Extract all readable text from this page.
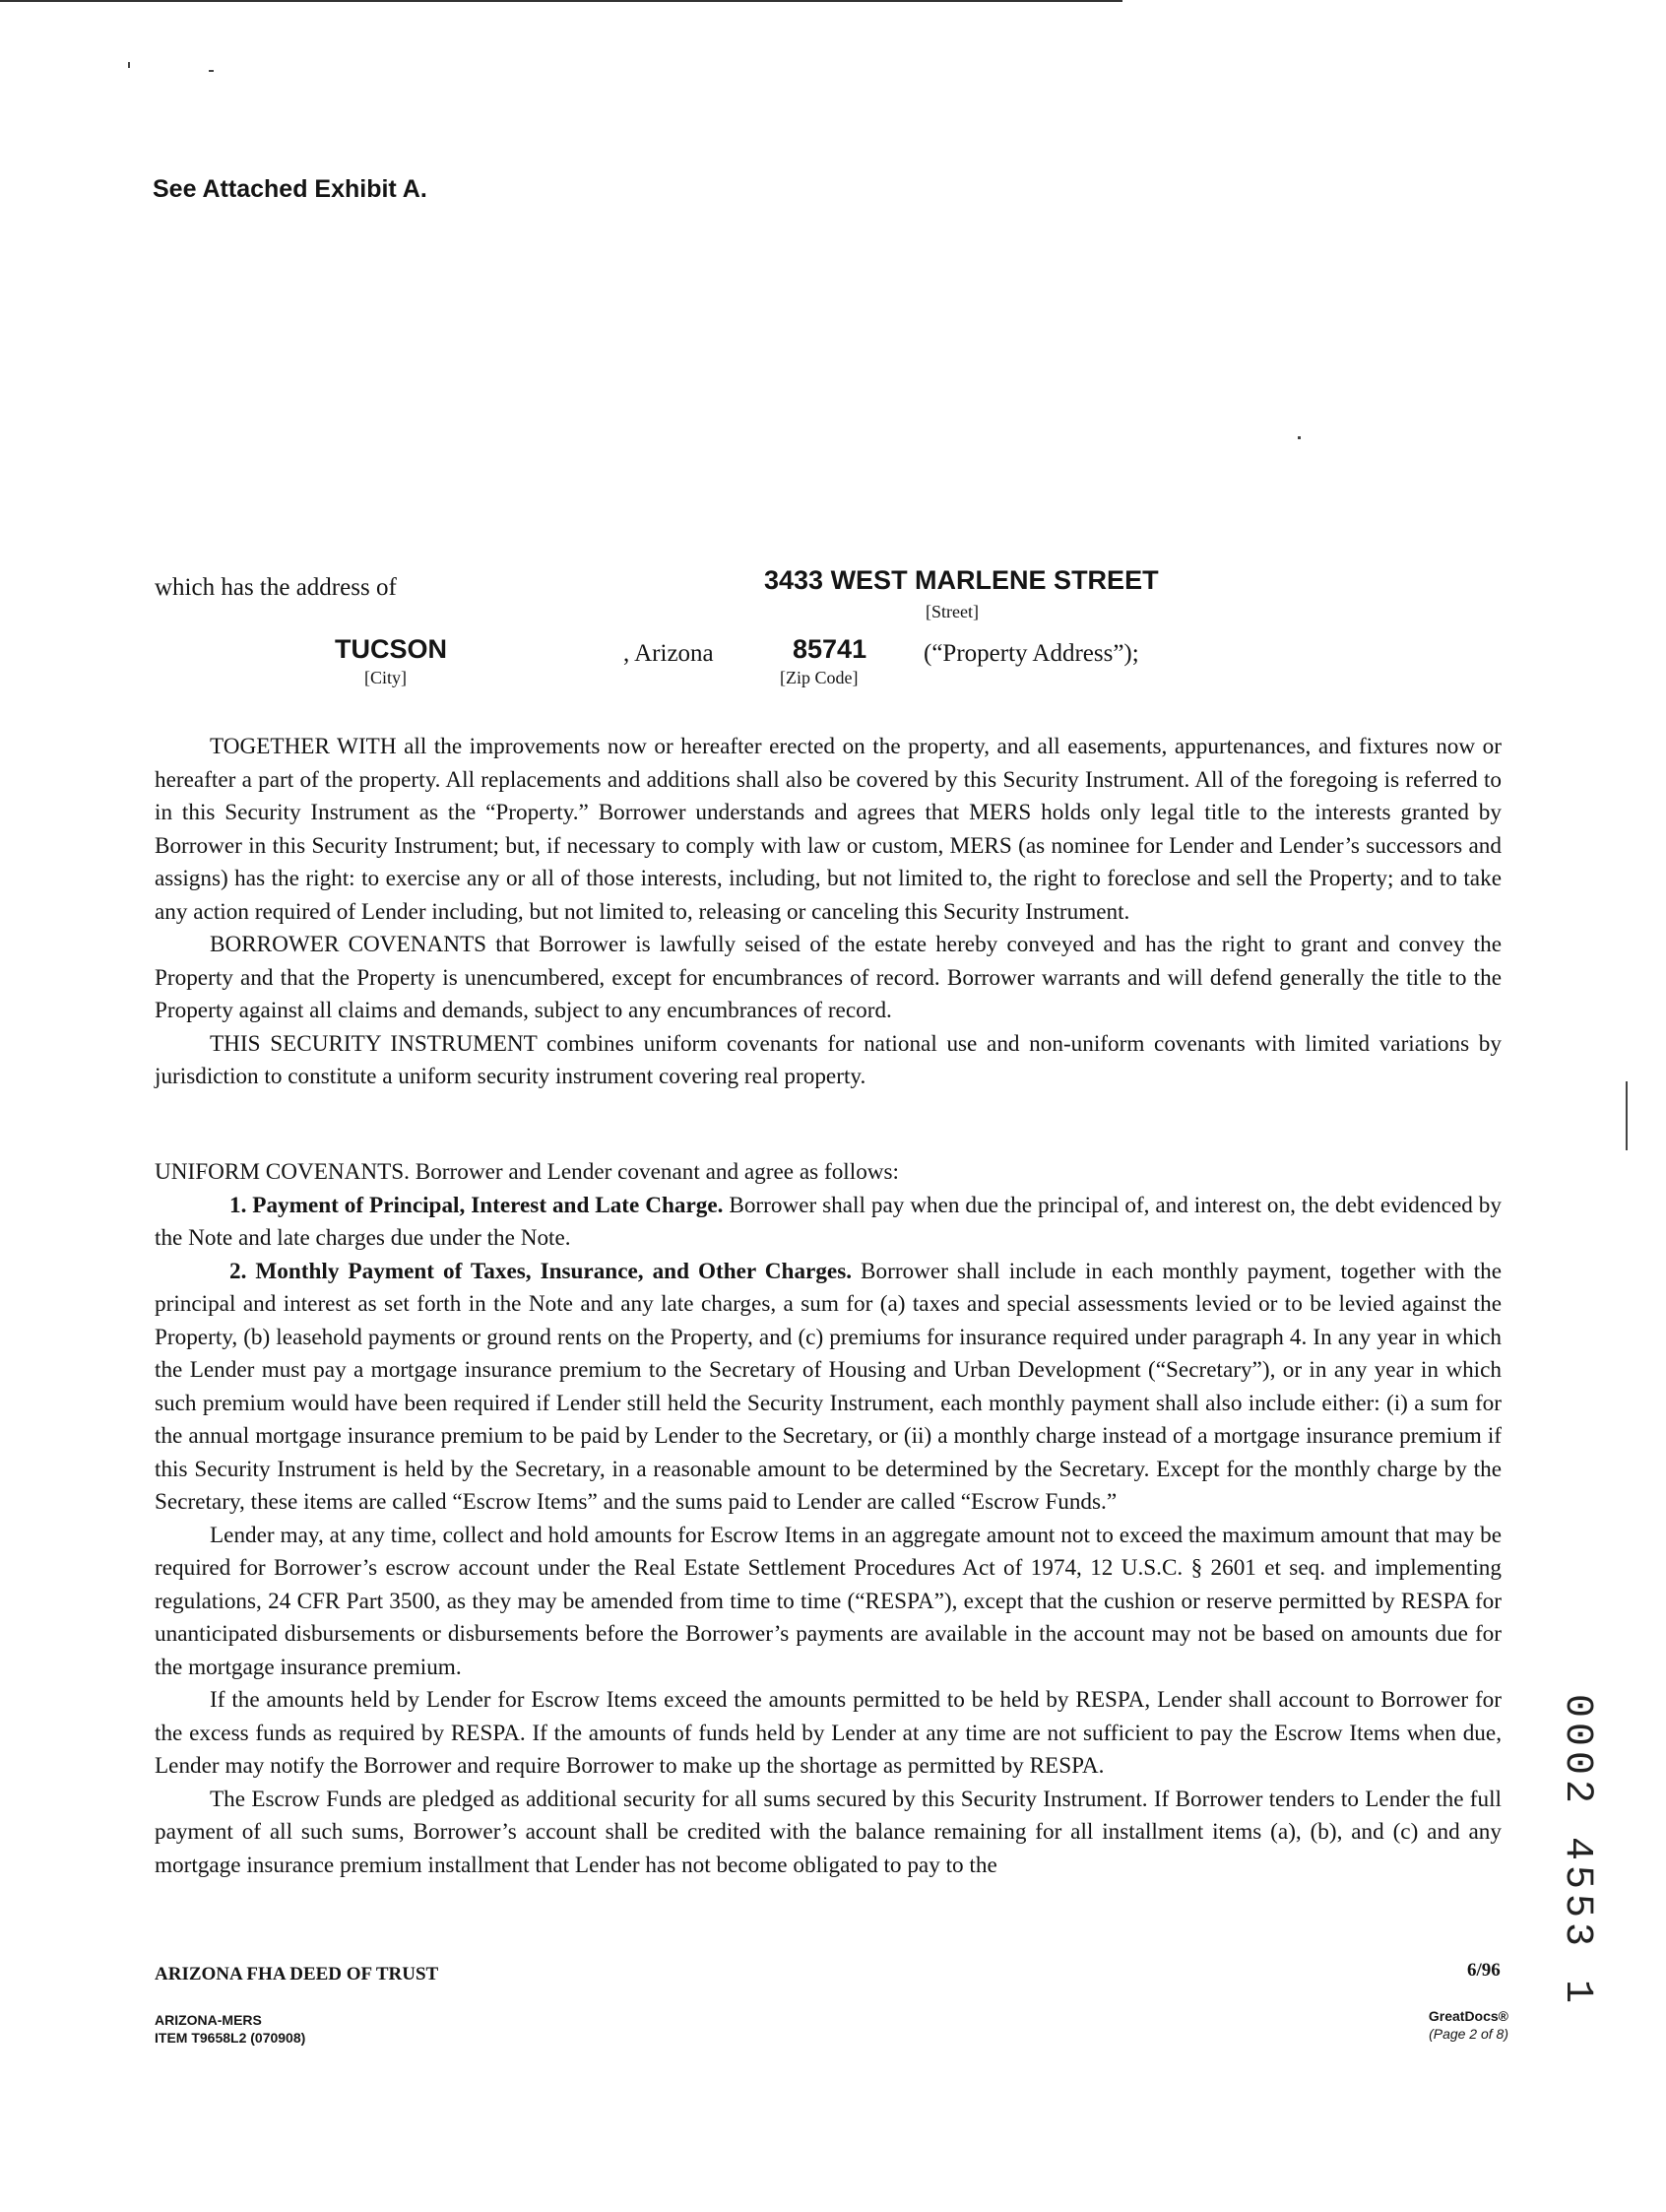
See Attached Exhibit A.
which has the address of	3433 WEST MARLENE STREET
[Street]
TUCSON
[City]
, Arizona	85741
[Zip Code]
(“Property Address”);

TOGETHER WITH all the improvements now or hereafter erected on the property, and all easements, appurtenances, and fixtures now or hereafter a part of the property. All replacements and additions shall also be covered by this Security Instrument. All of the foregoing is referred to in this Security Instrument as the “Property.” Borrower understands and agrees that MERS holds only legal title to the interests granted by Borrower in this Security Instrument; but, if necessary to comply with law or custom, MERS (as nominee for Lender and Lender’s successors and assigns) has the right: to exercise any or all of those interests, including, but not limited to, the right to foreclose and sell the Property; and to take any action required of Lender including, but not limited to, releasing or canceling this Security Instrument.

BORROWER COVENANTS that Borrower is lawfully seised of the estate hereby conveyed and has the right to grant and convey the Property and that the Property is unencumbered, except for encumbrances of record. Borrower warrants and will defend generally the title to the Property against all claims and demands, subject to any encumbrances of record.

THIS SECURITY INSTRUMENT combines uniform covenants for national use and non-uniform covenants with limited variations by jurisdiction to constitute a uniform security instrument covering real property.

UNIFORM COVENANTS. Borrower and Lender covenant and agree as follows:

1. Payment of Principal, Interest and Late Charge. Borrower shall pay when due the principal of, and interest on, the debt evidenced by the Note and late charges due under the Note.

2. Monthly Payment of Taxes, Insurance, and Other Charges. Borrower shall include in each monthly payment, together with the principal and interest as set forth in the Note and any late charges, a sum for (a) taxes and special assessments levied or to be levied against the Property, (b) leasehold payments or ground rents on the Property, and (c) premiums for insurance required under paragraph 4. In any year in which the Lender must pay a mortgage insurance premium to the Secretary of Housing and Urban Development (“Secretary”), or in any year in which such premium would have been required if Lender still held the Security Instrument, each monthly payment shall also include either: (i) a sum for the annual mortgage insurance premium to be paid by Lender to the Secretary, or (ii) a monthly charge instead of a mortgage insurance premium if this Security Instrument is held by the Secretary, in a reasonable amount to be determined by the Secretary. Except for the monthly charge by the Secretary, these items are called “Escrow Items” and the sums paid to Lender are called “Escrow Funds.”

Lender may, at any time, collect and hold amounts for Escrow Items in an aggregate amount not to exceed the maximum amount that may be required for Borrower’s escrow account under the Real Estate Settlement Procedures Act of 1974, 12 U.S.C. § 2601 et seq. and implementing regulations, 24 CFR Part 3500, as they may be amended from time to time (“RESPA”), except that the cushion or reserve permitted by RESPA for unanticipated disbursements or disbursements before the Borrower’s payments are available in the account may not be based on amounts due for the mortgage insurance premium.

If the amounts held by Lender for Escrow Items exceed the amounts permitted to be held by RESPA, Lender shall account to Borrower for the excess funds as required by RESPA. If the amounts of funds held by Lender at any time are not sufficient to pay the Escrow Items when due, Lender may notify the Borrower and require Borrower to make up the shortage as permitted by RESPA.

The Escrow Funds are pledged as additional security for all sums secured by this Security Instrument. If Borrower tenders to Lender the full payment of all such sums, Borrower’s account shall be credited with the balance remaining for all installment items (a), (b), and (c) and any mortgage insurance premium installment that Lender has not become obligated to pay to the

ARIZONA FHA DEED OF TRUST	6/96
ARIZONA-MERS
ITEM T9658L2 (070908)
GreatDocs®
(Page 2 of 8)
0002 4553 1
